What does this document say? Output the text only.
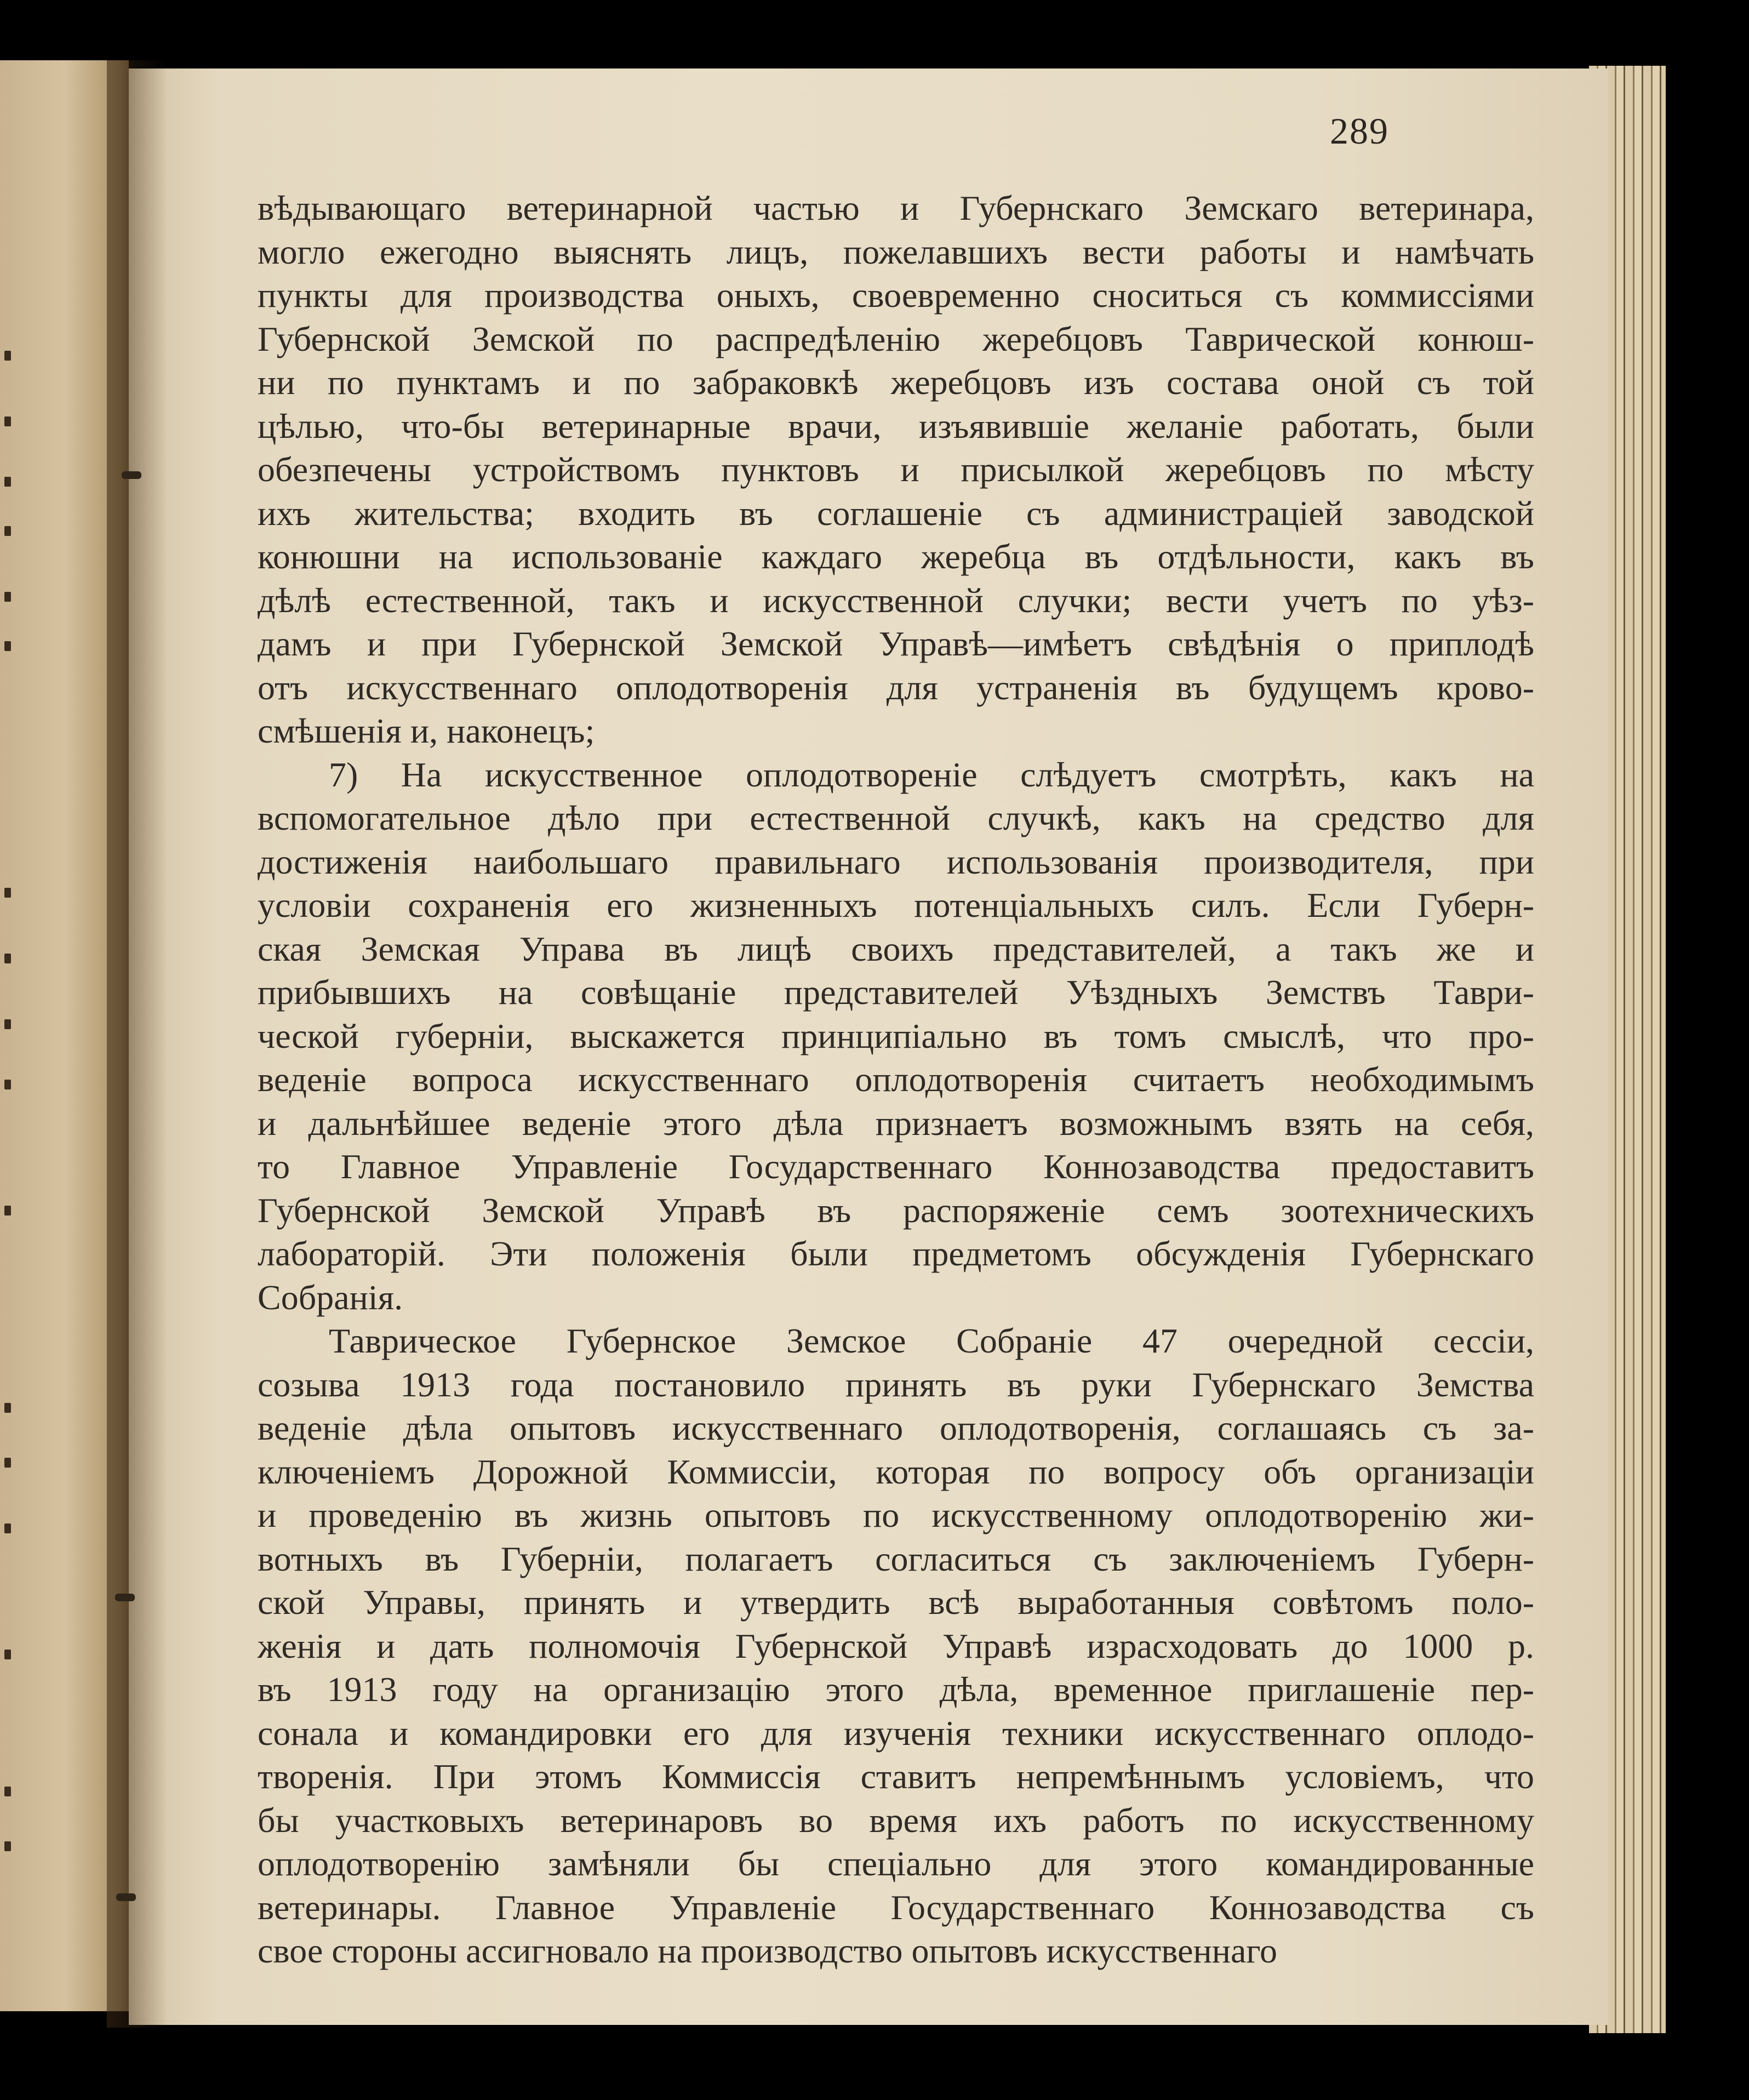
289
вѣдывающаго ветеринарной частью и Губернскаго Земскаго ветеринара,
могло ежегодно выяснять лицъ, пожелавшихъ вести работы и намѣчать
пункты для производства оныхъ, своевременно сноситься съ коммиссiями
Губернской Земской по распредѣленiю жеребцовъ Таврической конюш-
ни по пунктамъ и по забраковкѣ жеребцовъ изъ состава оной съ той
цѣлью, что-бы ветеринарные врачи, изъявившiе желанiе работать, были
обезпечены устройствомъ пунктовъ и присылкой жеребцовъ по мѣсту
ихъ жительства; входить въ соглашенiе съ администрацiей заводской
конюшни на использованiе каждаго жеребца въ отдѣльности, какъ въ
дѣлѣ естественной, такъ и искусственной случки; вести учетъ по уѣз-
дамъ и при Губернской Земской Управѣ—имѣетъ свѣдѣнiя о приплодѣ
отъ искусственнаго оплодотворенiя для устраненiя въ будущемъ крово-
смѣшенiя и, наконецъ;
7) На искусственное оплодотворенiе слѣдуетъ смотрѣть, какъ на
вспомогательное дѣло при естественной случкѣ, какъ на средство для
достиженiя наибольшаго правильнаго использованiя производителя, при
условiи сохраненiя его жизненныхъ потенцiальныхъ силъ. Если Губерн-
ская Земская Управа въ лицѣ своихъ представителей, а такъ же и
прибывшихъ на совѣщанiе представителей Уѣздныхъ Земствъ Таври-
ческой губернiи, выскажется принципiально въ томъ смыслѣ, что про-
веденiе вопроса искусственнаго оплодотворенiя считаетъ необходимымъ
и дальнѣйшее веденiе этого дѣла признаетъ возможнымъ взять на себя,
то Главное Управленiе Государственнаго Коннозаводства предоставитъ
Губернской Земской Управѣ въ распоряженiе семъ зоотехническихъ
лабораторiй. Эти положенiя были предметомъ обсужденiя Губернскаго
Собранiя.
Таврическое Губернское Земское Собранiе 47 очередной сессiи,
созыва 1913 года постановило принять въ руки Губернскаго Земства
веденiе дѣла опытовъ искусственнаго оплодотворенiя, соглашаясь съ за-
ключенiемъ Дорожной Коммиссiи, которая по вопросу объ организацiи
и проведенiю въ жизнь опытовъ по искусственному оплодотворенiю жи-
вотныхъ въ Губернiи, полагаетъ согласиться съ заключенiемъ Губерн-
ской Управы, принять и утвердить всѣ выработанныя совѣтомъ поло-
женiя и дать полномочiя Губернской Управѣ израсходовать до 1000 р.
въ 1913 году на организацiю этого дѣла, временное приглашенiе пер-
сонала и командировки его для изученiя техники искусственнаго оплодо-
творенiя. При этомъ Коммиссiя ставитъ непремѣннымъ условiемъ, что
бы участковыхъ ветеринаровъ во время ихъ работъ по искусственному
оплодотворенiю замѣняли бы спецiально для этого командированные
ветеринары. Главное Управленiе Государственнаго Коннозаводства съ
свое стороны ассигновало на производство опытовъ искусственнаго
